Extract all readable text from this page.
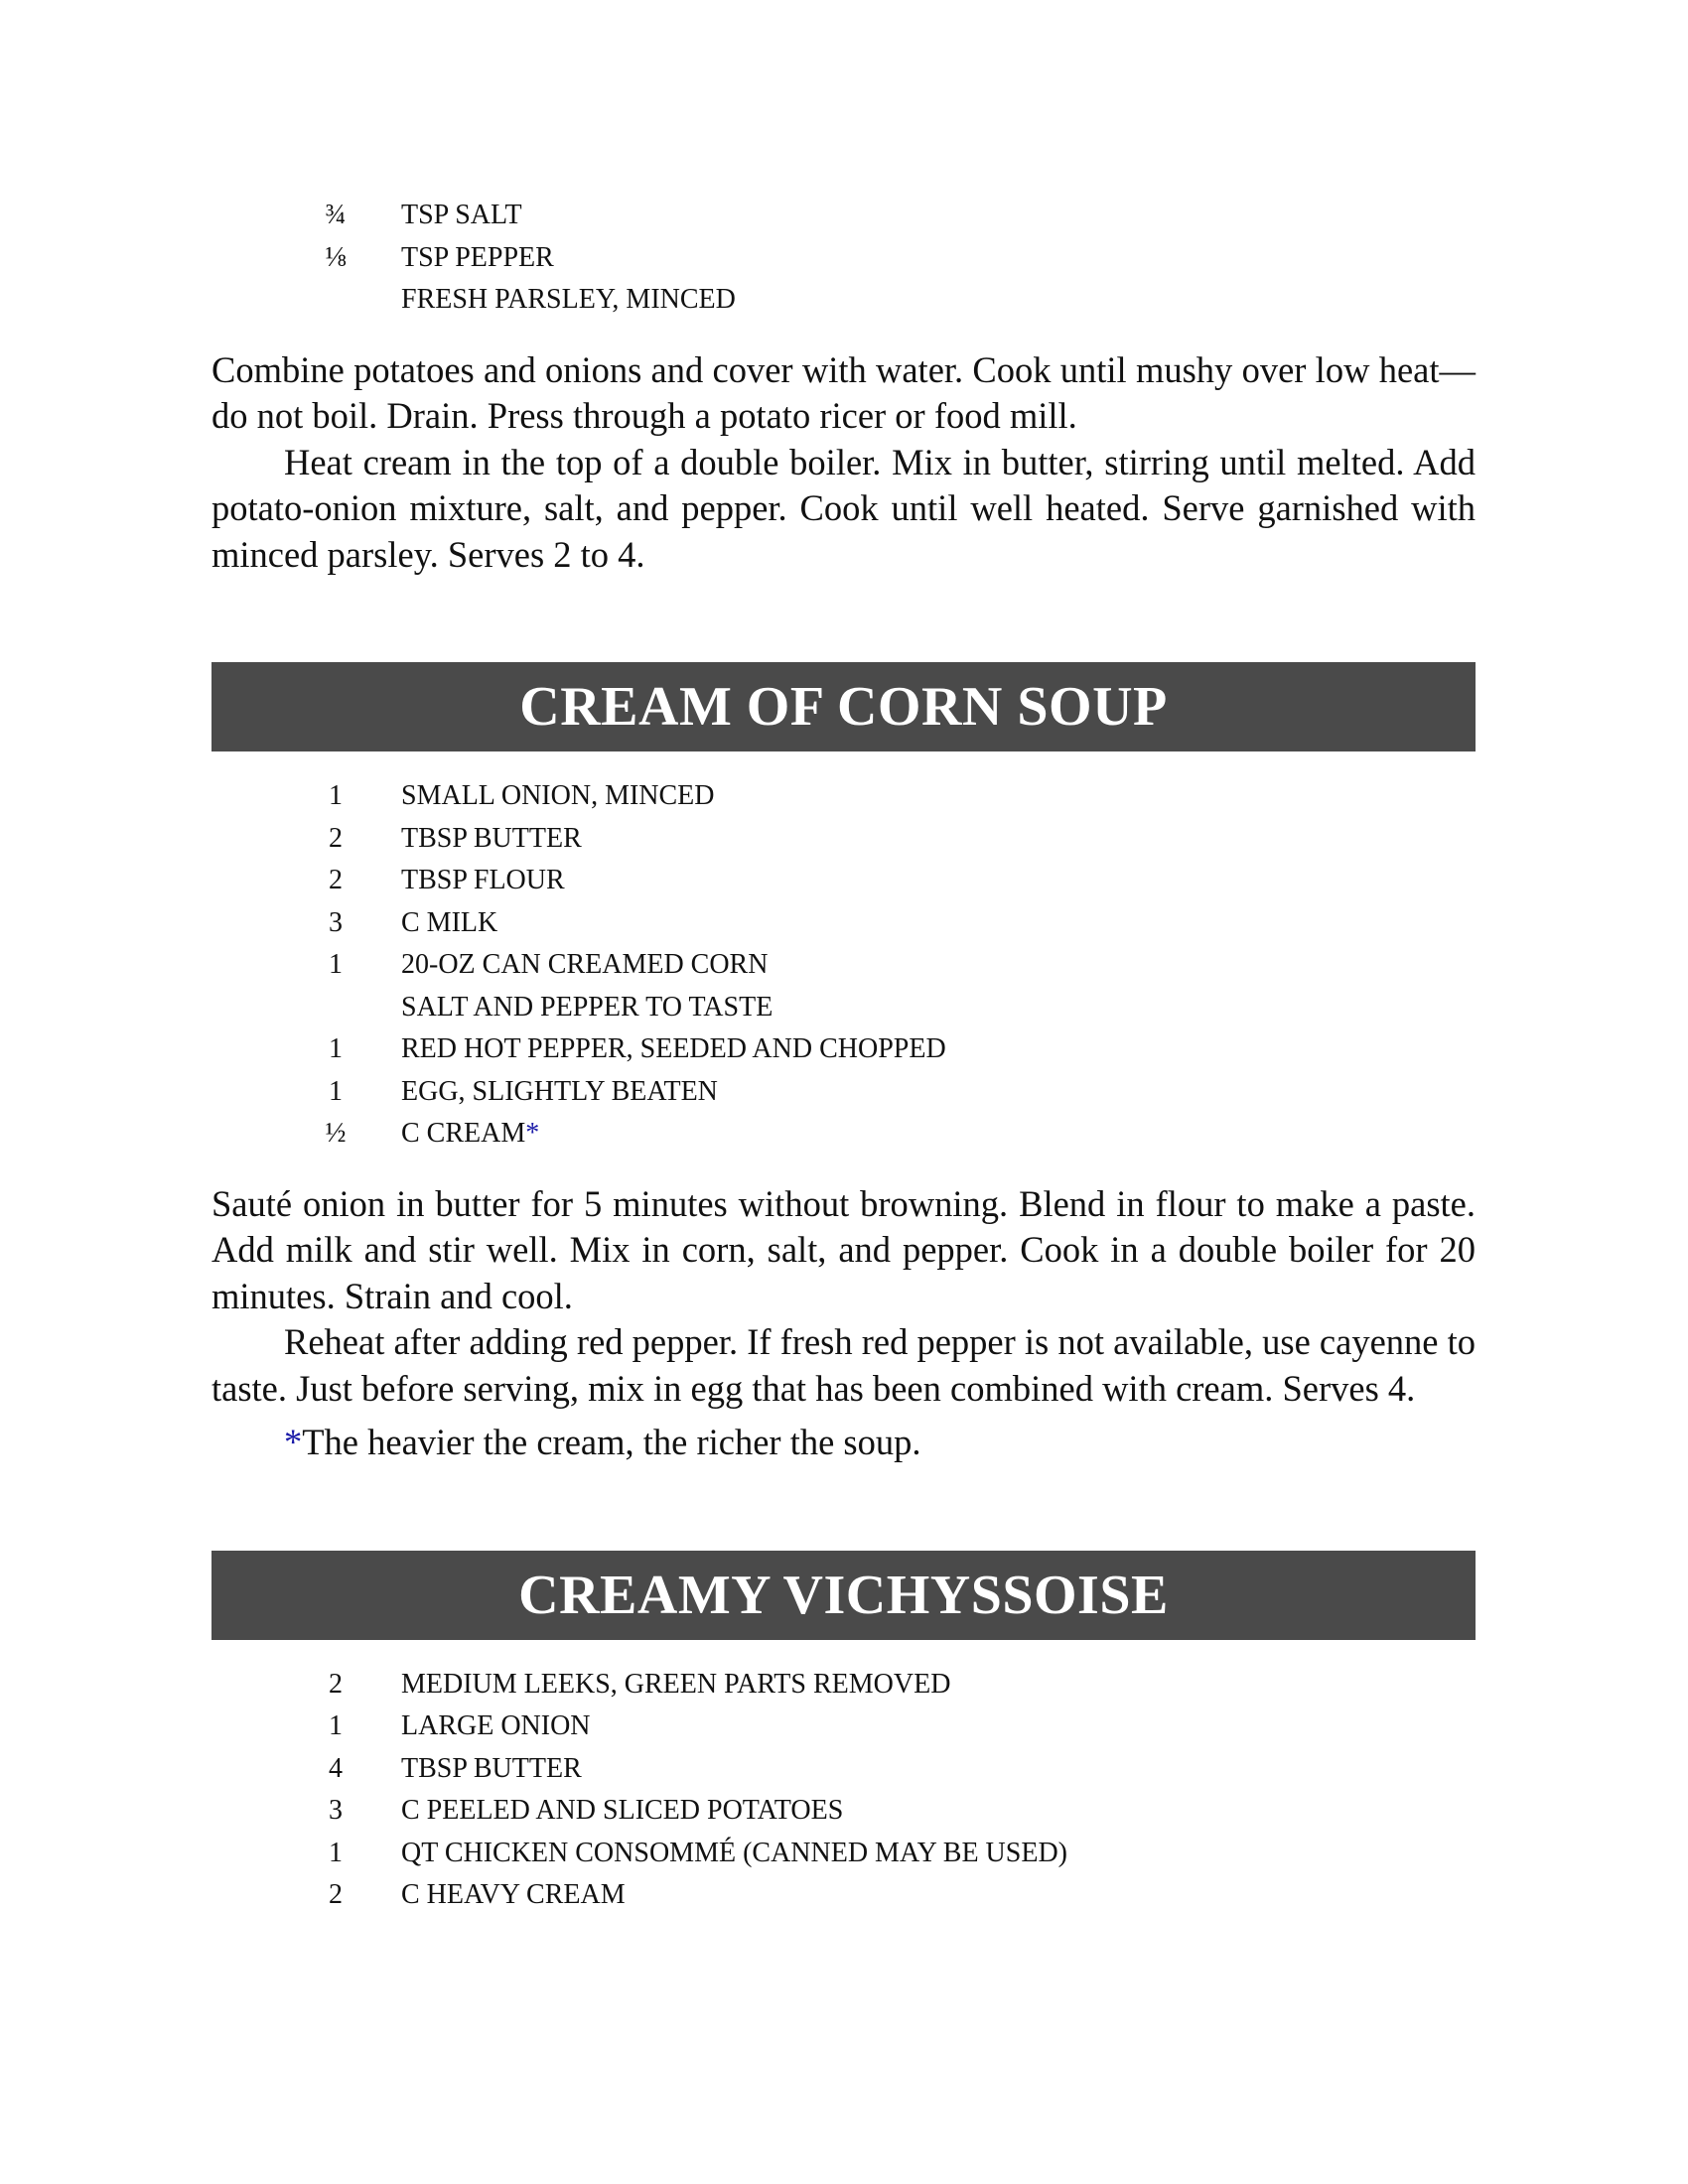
¾	TSP SALT
⅛	TSP PEPPER
FRESH PARSLEY, MINCED

Combine potatoes and onions and cover with water. Cook until mushy over low heat—do not boil. Drain. Press through a potato ricer or food mill.

Heat cream in the top of a double boiler. Mix in butter, stirring until melted. Add potato-onion mixture, salt, and pepper. Cook until well heated. Serve garnished with minced parsley. Serves 2 to 4.

CREAM OF CORN SOUP
1	SMALL ONION, MINCED
2	TBSP BUTTER
2	TBSP FLOUR
3	C MILK
1	20-OZ CAN CREAMED CORN
SALT AND PEPPER TO TASTE
1	RED HOT PEPPER, SEEDED AND CHOPPED
1	EGG, SLIGHTLY BEATEN
½	C CREAM*

Sauté onion in butter for 5 minutes without browning. Blend in flour to make a paste. Add milk and stir well. Mix in corn, salt, and pepper. Cook in a double boiler for 20 minutes. Strain and cool.

Reheat after adding red pepper. If fresh red pepper is not available, use cayenne to taste. Just before serving, mix in egg that has been combined with cream. Serves 4.

*The heavier the cream, the richer the soup.

CREAMY VICHYSSOISE
2	MEDIUM LEEKS, GREEN PARTS REMOVED
1	LARGE ONION
4	TBSP BUTTER
3	C PEELED AND SLICED POTATOES
1	QT CHICKEN CONSOMMÉ (CANNED MAY BE USED)
2	C HEAVY CREAM
